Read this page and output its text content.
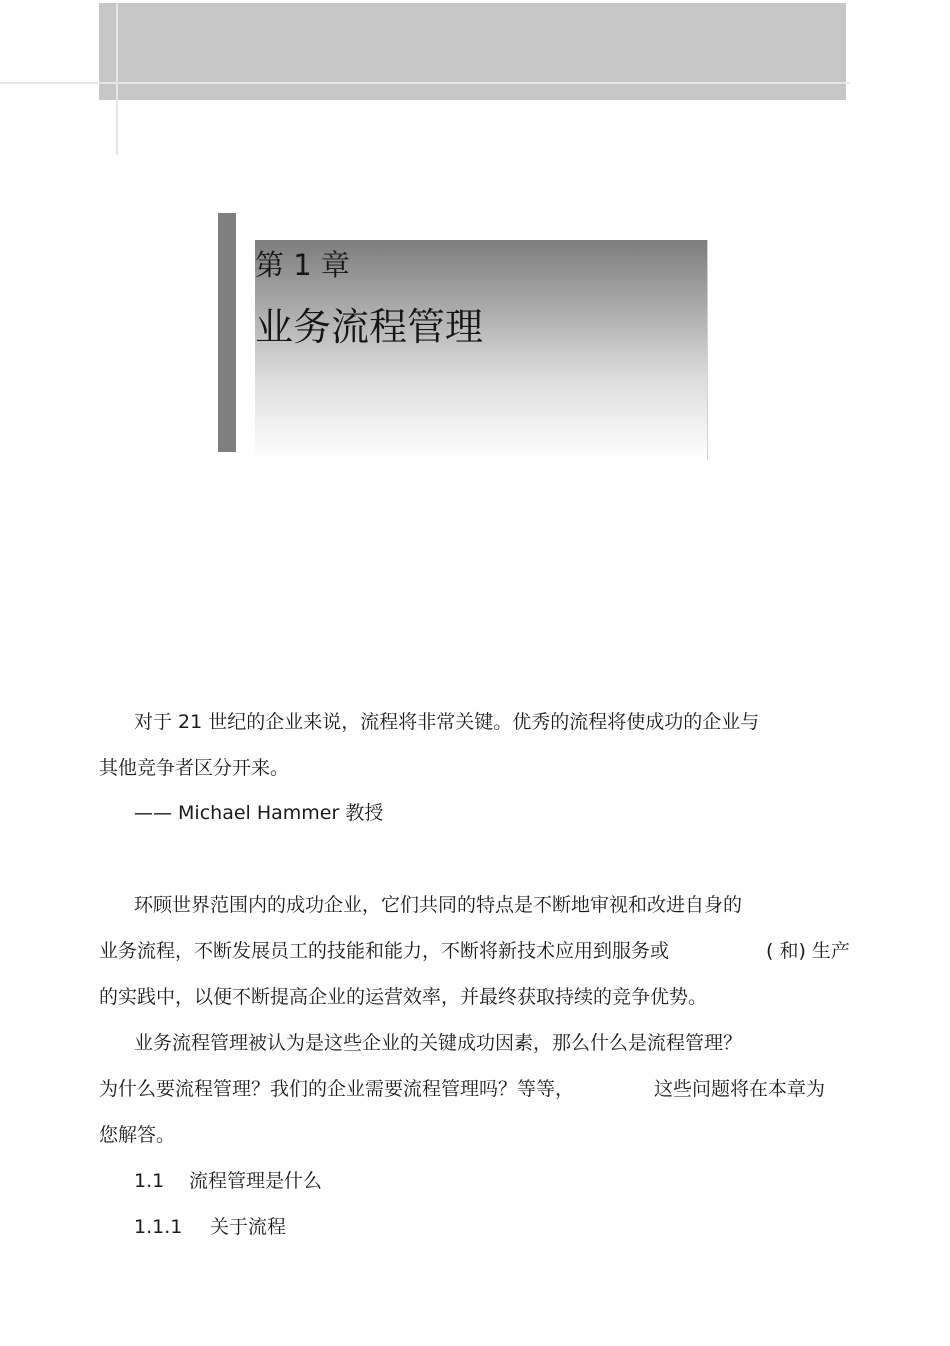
第 1 章
业务流程管理
对于 21 世纪的企业来说，流程将非常关键。优秀的流程将使成功的企业与
其他竞争者区分开来。
—— Michael Hammer 教授
环顾世界范围内的成功企业，它们共同的特点是不断地审视和改进自身的
业务流程，不断发展员工的技能和能力，不断将新技术应用到服务或	( 和) 生产
的实践中，以便不断提高企业的运营效率，并最终获取持续的竞争优势。
业务流程管理被认为是这些企业的关键成功因素，那么什么是流程管理？
为什么要流程管理？我们的企业需要流程管理吗？等等，	这些问题将在本章为
您解答。
1.1 流程管理是什么
1.1.1 关于流程
